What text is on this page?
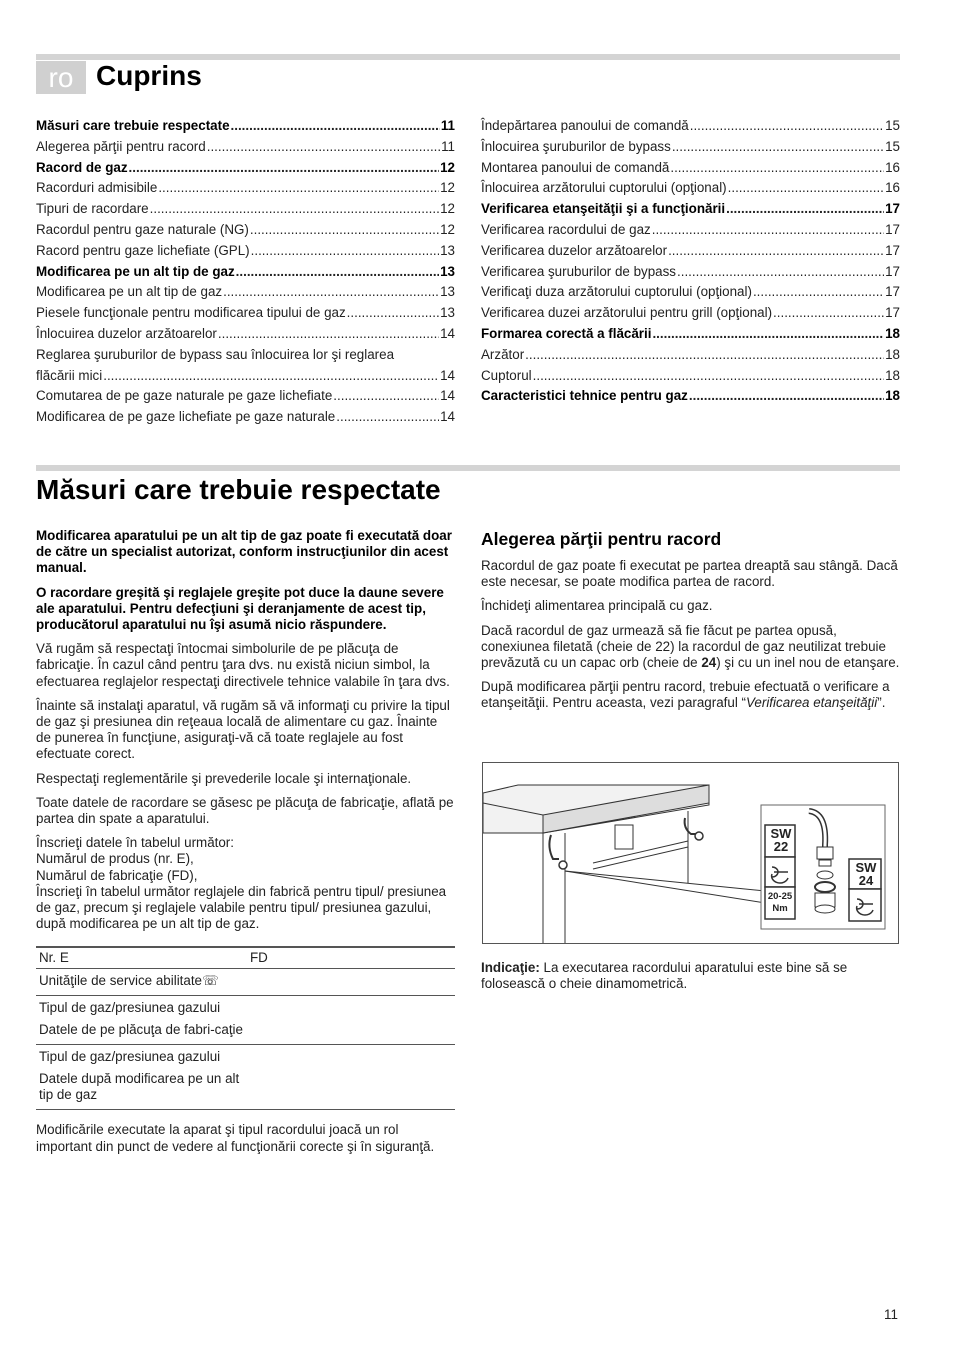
ro Cuprins
Măsuri care trebuie respectate .....	11
Alegerea părţii pentru racord .....	11
Racord de gaz .....	12
Racorduri admisibile .....	12
Tipuri de racordare .....	12
Racordul pentru gaze naturale (NG) .....	12
Racord pentru gaze lichefiate (GPL) .....	13
Modificarea pe un alt tip de gaz .....	13
Modificarea pe un alt tip de gaz .....	13
Piesele funcţionale pentru modificarea tipului de gaz .....	13
Înlocuirea duzelor arzătoarelor .....	14
Reglarea şuruburilor de bypass sau înlocuirea lor şi reglarea
flăcării mici .....	14
Comutarea de pe gaze naturale pe gaze lichefiate .....	14
Modificarea de pe gaze lichefiate pe gaze naturale .....	14
Îndepărtarea panoului de comandă .....	15
Înlocuirea şuruburilor de bypass .....	15
Montarea panoului de comandă .....	16
Înlocuirea arzătorului cuptorului (opţional) .....	16
Verificarea etanşeităţii şi a funcţionării .....	17
Verificarea racordului de gaz .....	17
Verificarea duzelor arzătoarelor .....	17
Verificarea şuruburilor de bypass .....	17
Verificaţi duza arzătorului cuptorului (opţional) .....	17
Verificarea duzei arzătorului pentru grill (opţional) .....	17
Formarea corectă a flăcării .....	18
Arzător .....	18
Cuptorul .....	18
Caracteristici tehnice pentru gaz .....	18
Măsuri care trebuie respectate

Modificarea aparatului pe un alt tip de gaz poate fi executată doar de către un specialist autorizat, conform instrucţiunilor din acest manual.

O racordare greşită şi reglajele greşite pot duce la daune severe ale aparatului. Pentru defecţiuni şi deranjamente de acest tip, producătorul aparatului nu îşi asumă nicio răspundere.

Vă rugăm să respectaţi întocmai simbolurile de pe plăcuţa de fabricaţie. În cazul când pentru ţara dvs. nu există niciun simbol, la efectuarea reglajelor respectaţi directivele tehnice valabile în ţara dvs.

Înainte să instalaţi aparatul, vă rugăm să vă informaţi cu privire la tipul de gaz şi presiunea din reţeaua locală de alimentare cu gaz. Înainte de punerea în funcţiune, asiguraţi-vă că toate reglajele au fost efectuate corect.

Respectaţi reglementările şi prevederile locale şi internaţionale.

Toate datele de racordare se găsesc pe plăcuţa de fabricaţie, aflată pe partea din spate a aparatului.

Înscrieţi datele în tabelul următor:
Numărul de produs (nr. E),
Numărul de fabricaţie (FD),
Înscrieţi în tabelul următor reglajele din fabrică pentru tipul/ presiunea de gaz, precum şi reglajele valabile pentru tipul/ presiunea gazului, după modificarea pe un alt tip de gaz.

Nr. E	FD
Unităţile de service abilitate☏	
Tipul de gaz/presiunea gazului	
Datele de pe plăcuţa de fabri-caţie	
Tipul de gaz/presiunea gazului	
Datele după modificarea pe un alt tip de gaz	

Modificările executate la aparat şi tipul racordului joacă un rol important din punct de vedere al funcţionării corecte şi în siguranţă.

Alegerea părţii pentru racord

Racordul de gaz poate fi executat pe partea dreaptă sau stângă. Dacă este necesar, se poate modifica partea de racord.

Închideţi alimentarea principală cu gaz.

Dacă racordul de gaz urmează să fie făcut pe partea opusă, conexiunea filetată (cheie de 22) la racordul de gaz neutilizat trebuie prevăzută cu un capac orb (cheie de 24) şi cu un inel nou de etanşare.

După modificarea părţii pentru racord, trebuie efectuată o verificare a etanşeităţii. Pentru aceasta, vezi paragraful “Verificarea etanşeităţii”.

SW
22
SW
24
20-25
Nm

Indicaţie: La executarea racordului aparatului este bine să se folosească o cheie dinamometrică.

11
